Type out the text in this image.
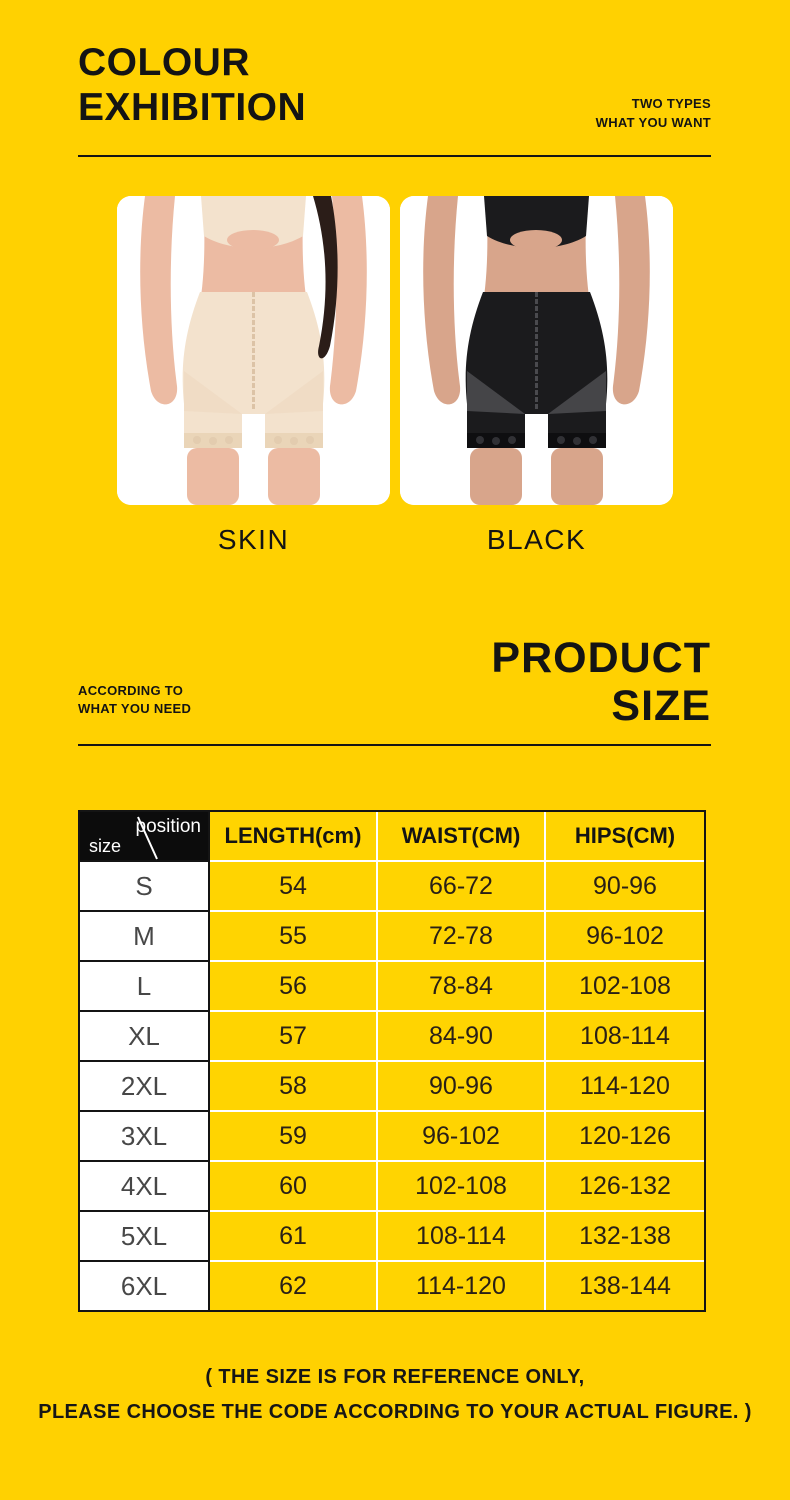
COLOUR
EXHIBITION	TWO TYPES
WHAT YOU WANT
SKIN	BLACK
ACCORDING TO
WHAT YOU NEED
PRODUCT
SIZE
position
size	LENGTH(cm)	WAIST(CM)	HIPS(CM)
S	54	66-72	90-96
M	55	72-78	96-102
L	56	78-84	102-108
XL	57	84-90	108-114
2XL	58	90-96	114-120
3XL	59	96-102	120-126
4XL	60	102-108	126-132
5XL	61	108-114	132-138
6XL	62	114-120	138-144
( THE SIZE IS FOR REFERENCE ONLY,
PLEASE CHOOSE THE CODE ACCORDING TO YOUR ACTUAL FIGURE. )
